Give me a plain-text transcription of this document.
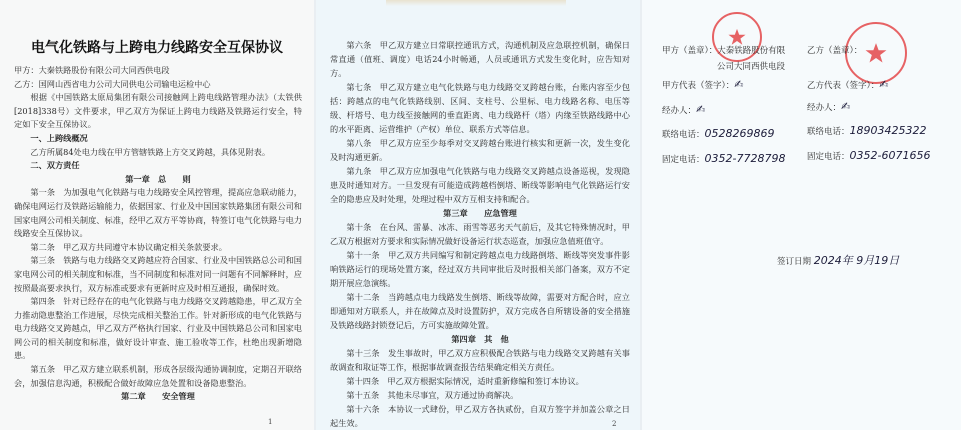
电气化铁路与上跨电力线路安全互保协议

甲方：大秦铁路股份有限公司大同西供电段

乙方：国网山西省电力公司大同供电公司输电运检中心

根据《中国铁路太原局集团有限公司接触网上跨电线路管理办法》（太铁供[2018]338号）文件要求，甲乙双方为保证上跨电力线路及铁路运行安全，特定如下安全互保协议。

一、上跨线概况

乙方所属84处电力线在甲方管辖铁路上方交叉跨越，具体见附表。

二、双方责任

第一章　总　　则

第一条　为加强电气化铁路与电力线路安全风控管理，提高应急联动能力，确保电网运行及铁路运输能力，依据国家、行业及中国国家铁路集团有限公司和国家电网公司相关制度、标准，经甲乙双方平等协商，特签订电气化铁路与电力线路安全互保协议。

第二条　甲乙双方共同遵守本协议确定相关条款要求。

第三条　铁路与电力线路交叉跨越应符合国家、行业及中国铁路总公司和国家电网公司的相关制度和标准，当不同制度和标准对同一问题有不同解释时，应按照最高要求执行，双方标准或要求有更新时应及时相互通报，确保时效。

第四条　针对已经存在的电气化铁路与电力线路交叉跨越隐患，甲乙双方全力推动隐患整治工作进展，尽快完成相关整治工作。针对新形成的电气化铁路与电力线路交叉跨越点，甲乙双方严格执行国家、行业及中国铁路总公司和国家电网公司的相关制度和标准，做好设计审查、施工验收等工作，杜绝出现新增隐患。

第五条　甲乙双方建立联系机制，形成各层级沟通协调制度，定期召开联络会，加强信息沟通，积极配合做好故障应急处置和设备隐患整治。

第二章　　安全管理

1

第六条　甲乙双方建立日常联控通讯方式，沟通机制及应急联控机制，确保日常直通（值班、调度）电话24小时畅通，人员或通讯方式发生变化时，应告知对方。

第七条　甲乙双方建立电气化铁路与电力线路交叉跨越台账，台账内容至少包括：跨越点的电气化铁路线别、区间、支柱号、公里标、电力线路名称、电压等级、杆塔号、电力线至接触网的垂直距离、电力线路杆（塔）内缘至铁路线路中心的水平距离、运营维护（产权）单位、联系方式等信息。

第八条　甲乙双方应至少每季对交叉跨越台账进行核实和更新一次，发生变化及时沟通更新。

第九条　甲乙双方应加强电气化铁路与电力线路交叉跨越点设备巡视，发现隐患及时通知对方。一旦发现有可能造成跨越档倒塔、断线等影响电气化铁路运行安全的隐患应及时处理，处理过程中双方互相支持和配合。

第三章　　应急管理

第十条　在台风、雷暴、冰冻、雨雪等恶劣天气前后，及其它特殊情况时，甲乙双方根据对方要求和实际情况做好设备运行状态巡查，加强应急值班值守。

第十一条　甲乙双方共同编写和制定跨越点电力线路倒塔、断线等突发事件影响铁路运行的现场处置方案，经过双方共同审批后及时报相关部门备案，双方不定期开展应急演练。

第十二条　当跨越点电力线路发生倒塔、断线等故障，需要对方配合时，应立即通知对方联系人，并在故障点及时设置防护，双方完成各自所辖设备的安全措施及铁路线路封锁登记后，方可实施故障处置。

第四章　其　他

第十三条　发生事故时，甲乙双方应积极配合铁路与电力线路交叉跨越有关事故调查和取证等工作，根据事故调查报告结果确定相关方责任。

第十四条　甲乙双方根据实际情况，适时重新修编和签订本协议。

第十五条　其他未尽事宜，双方通过协商解决。

第十六条　本协议一式肆份，甲乙双方各执贰份，自双方签字并加盖公章之日起生效。	2
甲方（盖章）：大秦铁路股份有限
公司大同西供电段
甲方代表（签字）：✍
经办人：✍
联络电话：0528269869
固定电话：0352-7728798
乙方（盖章）：
乙方代表（签字）：✍
经办人：✍
联络电话：18903425322
固定电话：0352-6071656
签订日期 2024年 9月19日
